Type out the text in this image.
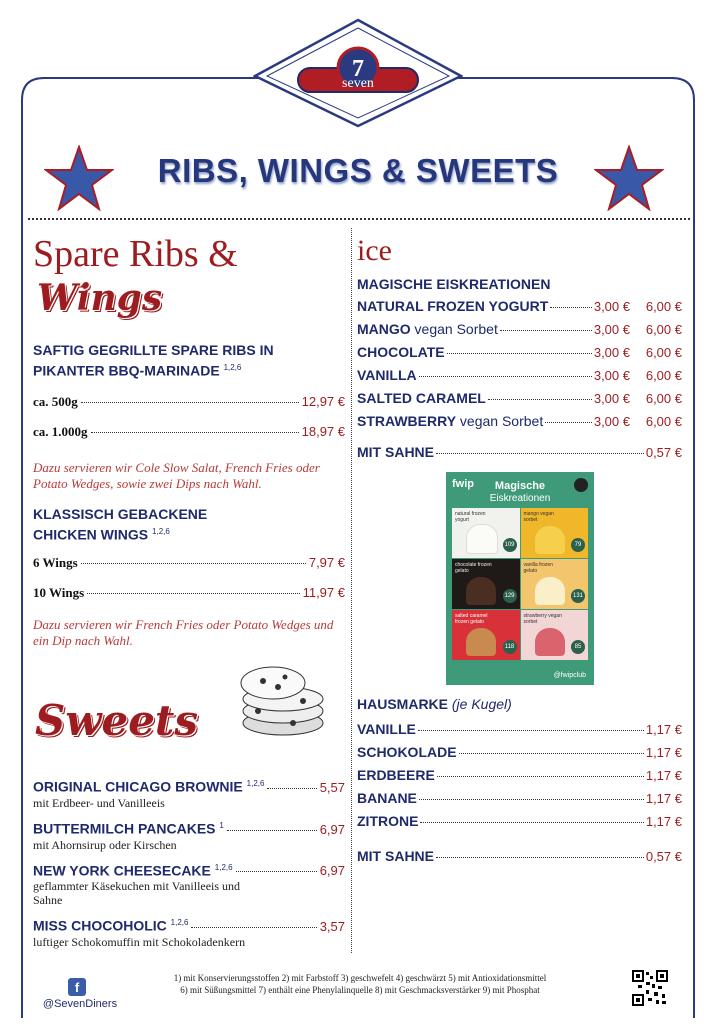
7
seven
RIBS, WINGS & SWEETS
Spare Ribs &
Wings
SAFTIG GEGRILLTE SPARE RIBS IN
PIKANTER BBQ-MARINADE $^{1,2,6}$
ca. 500g	12,97 €
ca. 1.000g	18,97 €
Dazu servieren wir Cole Slow Salat, French Fries oder Potato Wedges, sowie zwei Dips nach Wahl.
KLASSISCH GEBACKENE
CHICKEN WINGS $^{1,2,6}$
6 Wings	7,97 €
10 Wings	11,97 €
Dazu servieren wir French Fries oder Potato Wedges und ein Dip nach Wahl.
Sweets
ORIGINAL CHICAGO BROWNIE $^{1,2,6}$	5,57
mit Erdbeer- und Vanilleeis
BUTTERMILCH PANCAKES $^1$	6,97
mit Ahornsirup oder Kirschen
NEW YORK CHEESECAKE $^{1,2,6}$	6,97
geflammter Käsekuchen mit Vanilleeis und Sahne
MISS CHOCOHOLIC $^{1,2,6}$	3,57
luftiger Schokomuffin mit Schokoladenkern
ice
MAGISCHE EISKREATIONEN
NATURAL FROZEN YOGURT	3,00 €	6,00 €
MANGO vegan Sorbet	3,00 €	6,00 €
CHOCOLATE	3,00 €	6,00 €
VANILLA	3,00 €	6,00 €
SALTED CARAMEL	3,00 €	6,00 €
STRAWBERRY vegan Sorbet	3,00 €	6,00 €
MIT SAHNE	0,57 €
fwip	Magische
Eiskreationen
natural frozen yogurt
109
mango vegan sorbet
79
chocolate frozen gelato
129
vanilla frozen gelato
131
salted caramel frozen gelato
118
strawberry vegan sorbet
85
@fwipclub
HAUSMARKE (je Kugel)
VANILLE	1,17 €
SCHOKOLADE	1,17 €
ERDBEERE	1,17 €
BANANE	1,17 €
ZITRONE	1,17 €
MIT SAHNE	0,57 €
f
@SevenDiners
1) mit Konservierungsstoffen 2) mit Farbstoff 3) geschwefelt 4) geschwärzt 5) mit Antioxidationsmittel
6) mit Süßungsmittel 7) enthält eine Phenylalinquelle 8) mit Geschmacksverstärker 9) mit Phosphat
